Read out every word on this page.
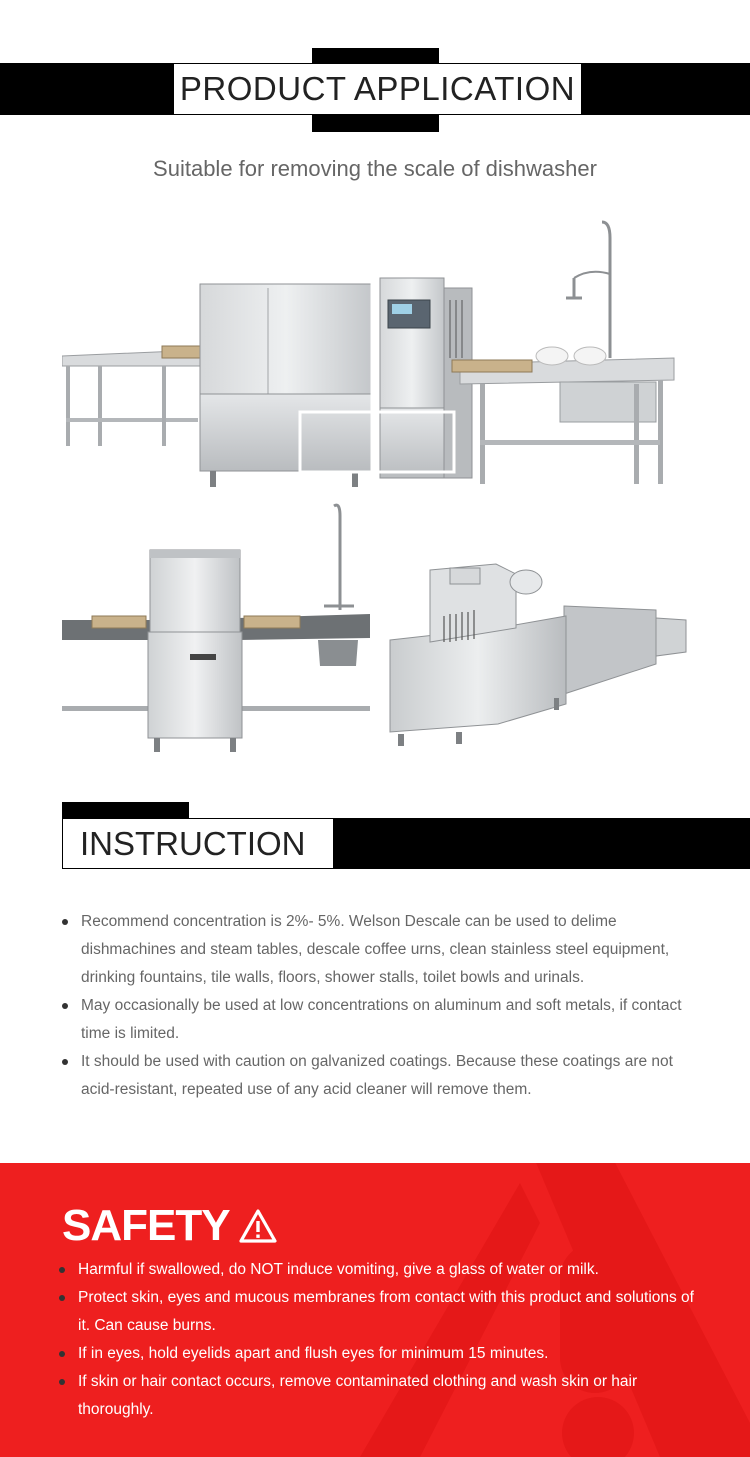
PRODUCT APPLICATION
Suitable for removing the scale of dishwasher
INSTRUCTION
Recommend concentration is 2%- 5%. Welson Descale can be used to delime dishmachines and steam tables, descale coffee urns, clean stainless steel equipment, drinking fountains, tile walls, floors, shower stalls, toilet bowls and urinals.
May occasionally be used at low concentrations on aluminum and soft metals, if contact time is limited.
It should be used with caution on galvanized coatings. Because these coatings are not acid-resistant, repeated use of any acid cleaner will remove them.
SAFETY
Harmful if swallowed, do NOT induce vomiting, give a glass of water or milk.
Protect skin, eyes and mucous membranes from contact with this product and solutions of it. Can cause burns.
If in eyes, hold eyelids apart and flush eyes for minimum 15 minutes.
If skin or hair contact occurs, remove contaminated clothing and wash skin or hair thoroughly.
